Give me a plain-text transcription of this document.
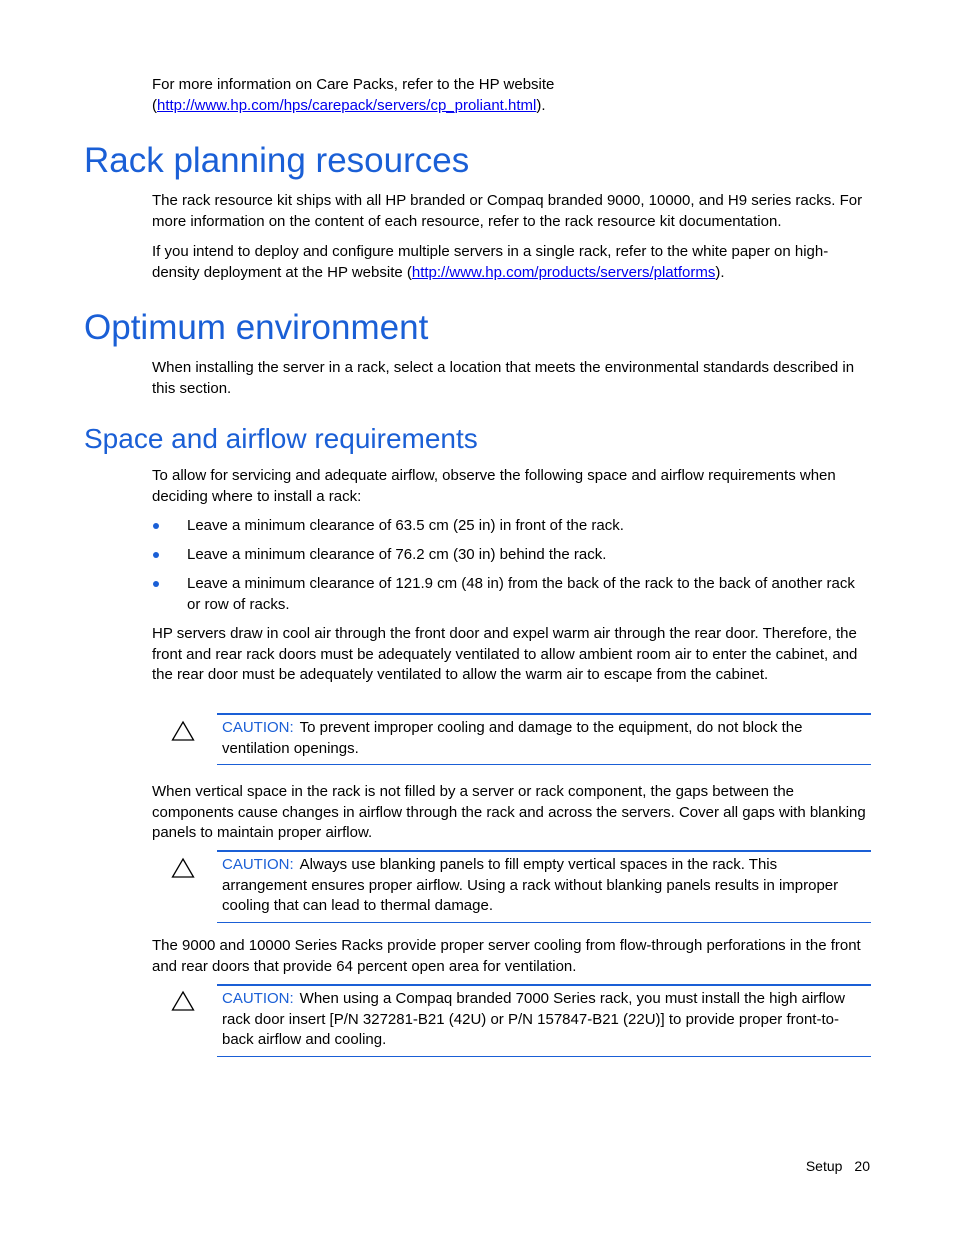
For more information on Care Packs, refer to the HP website (http://www.hp.com/hps/carepack/servers/cp_proliant.html).

Rack planning resources

The rack resource kit ships with all HP branded or Compaq branded 9000, 10000, and H9 series racks. For more information on the content of each resource, refer to the rack resource kit documentation.

If you intend to deploy and configure multiple servers in a single rack, refer to the white paper on high-density deployment at the HP website (http://www.hp.com/products/servers/platforms).

Optimum environment

When installing the server in a rack, select a location that meets the environmental standards described in this section.

Space and airflow requirements

To allow for servicing and adequate airflow, observe the following space and airflow requirements when deciding where to install a rack:

Leave a minimum clearance of 63.5 cm (25 in) in front of the rack.
Leave a minimum clearance of 76.2 cm (30 in) behind the rack.
Leave a minimum clearance of 121.9 cm (48 in) from the back of the rack to the back of another rack or row of racks.

HP servers draw in cool air through the front door and expel warm air through the rear door. Therefore, the front and rear rack doors must be adequately ventilated to allow ambient room air to enter the cabinet, and the rear door must be adequately ventilated to allow the warm air to escape from the cabinet.

CAUTION: To prevent improper cooling and damage to the equipment, do not block the ventilation openings.

When vertical space in the rack is not filled by a server or rack component, the gaps between the components cause changes in airflow through the rack and across the servers. Cover all gaps with blanking panels to maintain proper airflow.

CAUTION: Always use blanking panels to fill empty vertical spaces in the rack. This arrangement ensures proper airflow. Using a rack without blanking panels results in improper cooling that can lead to thermal damage.

The 9000 and 10000 Series Racks provide proper server cooling from flow-through perforations in the front and rear doors that provide 64 percent open area for ventilation.

CAUTION: When using a Compaq branded 7000 Series rack, you must install the high airflow rack door insert [P/N 327281-B21 (42U) or P/N 157847-B21 (22U)] to provide proper front-to-back airflow and cooling.
Setup 20
